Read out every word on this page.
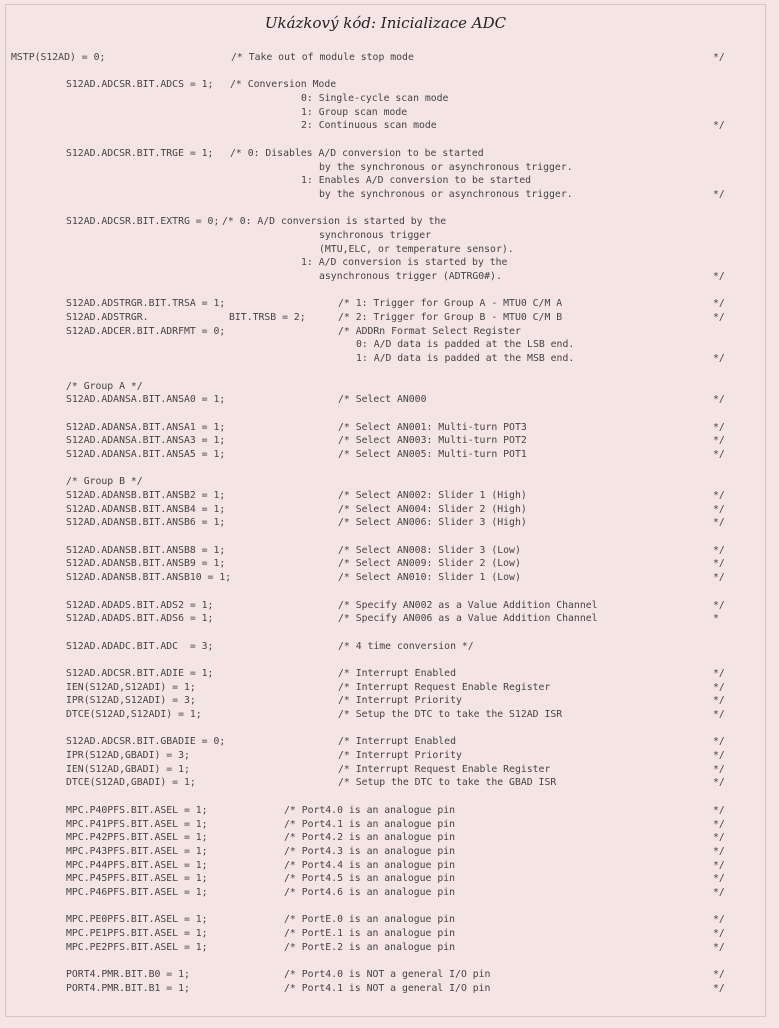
Ukázkový kód: Inicializace ADC
MSTP(S12AD) = 0;	/* Take out of module stop mode	*/
S12AD.ADCSR.BIT.ADCS = 1; /* Conversion Mode
0: Single-cycle scan mode
1: Group scan mode
2: Continuous scan mode	*/
S12AD.ADCSR.BIT.TRGE = 1; /* 0: Disables A/D conversion to be started
by the synchronous or asynchronous trigger.
1: Enables A/D conversion to be started
by the synchronous or asynchronous trigger.	*/
S12AD.ADCSR.BIT.EXTRG = 0; /* 0: A/D conversion is started by the
synchronous trigger
(MTU,ELC, or temperature sensor).
1: A/D conversion is started by the
asynchronous trigger (ADTRG0#).	*/
S12AD.ADSTRGR.BIT.TRSA = 1;	/* 1: Trigger for Group A - MTU0 C/M A	*/
S12AD.ADSTRGR.	BIT.TRSB = 2;	/* 2: Trigger for Group B - MTU0 C/M B	*/
S12AD.ADCER.BIT.ADRFMT = 0;	/* ADDRn Format Select Register
0: A/D data is padded at the LSB end.
1: A/D data is padded at the MSB end.	*/
/* Group A */
S12AD.ADANSA.BIT.ANSA0 = 1;	/* Select AN000	*/
S12AD.ADANSA.BIT.ANSA1 = 1;	/* Select AN001: Multi-turn POT3	*/
S12AD.ADANSA.BIT.ANSA3 = 1;	/* Select AN003: Multi-turn POT2	*/
S12AD.ADANSA.BIT.ANSA5 = 1;	/* Select AN005: Multi-turn POT1	*/
/* Group B */
S12AD.ADANSB.BIT.ANSB2 = 1;	/* Select AN002: Slider 1 (High)	*/
S12AD.ADANSB.BIT.ANSB4 = 1;	/* Select AN004: Slider 2 (High)	*/
S12AD.ADANSB.BIT.ANSB6 = 1;	/* Select AN006: Slider 3 (High)	*/
S12AD.ADANSB.BIT.ANSB8 = 1;	/* Select AN008: Slider 3 (Low)	*/
S12AD.ADANSB.BIT.ANSB9 = 1;	/* Select AN009: Slider 2 (Low)	*/
S12AD.ADANSB.BIT.ANSB10 = 1;	/* Select AN010: Slider 1 (Low)	*/
S12AD.ADADS.BIT.ADS2 = 1;	/* Specify AN002 as a Value Addition Channel	*/
S12AD.ADADS.BIT.ADS6 = 1;	/* Specify AN006 as a Value Addition Channel	*
S12AD.ADADC.BIT.ADC  = 3;	/* 4 time conversion */
S12AD.ADCSR.BIT.ADIE = 1;	/* Interrupt Enabled	*/
IEN(S12AD,S12ADI) = 1;	/* Interrupt Request Enable Register	*/
IPR(S12AD,S12ADI) = 3;	/* Interrupt Priority	*/
DTCE(S12AD,S12ADI) = 1;	/* Setup the DTC to take the S12AD ISR	*/
S12AD.ADCSR.BIT.GBADIE = 0;	/* Interrupt Enabled	*/
IPR(S12AD,GBADI) = 3;	/* Interrupt Priority	*/
IEN(S12AD,GBADI) = 1;	/* Interrupt Request Enable Register	*/
DTCE(S12AD,GBADI) = 1;	/* Setup the DTC to take the GBAD ISR	*/
MPC.P40PFS.BIT.ASEL = 1;	/* Port4.0 is an analogue pin	*/
MPC.P41PFS.BIT.ASEL = 1;	/* Port4.1 is an analogue pin	*/
MPC.P42PFS.BIT.ASEL = 1;	/* Port4.2 is an analogue pin	*/
MPC.P43PFS.BIT.ASEL = 1;	/* Port4.3 is an analogue pin	*/
MPC.P44PFS.BIT.ASEL = 1;	/* Port4.4 is an analogue pin	*/
MPC.P45PFS.BIT.ASEL = 1;	/* Port4.5 is an analogue pin	*/
MPC.P46PFS.BIT.ASEL = 1;	/* Port4.6 is an analogue pin	*/
MPC.PE0PFS.BIT.ASEL = 1;	/* PortE.0 is an analogue pin	*/
MPC.PE1PFS.BIT.ASEL = 1;	/* PortE.1 is an analogue pin	*/
MPC.PE2PFS.BIT.ASEL = 1;	/* PortE.2 is an analogue pin	*/
PORT4.PMR.BIT.B0 = 1;	/* Port4.0 is NOT a general I/O pin	*/
PORT4.PMR.BIT.B1 = 1;	/* Port4.1 is NOT a general I/O pin	*/
